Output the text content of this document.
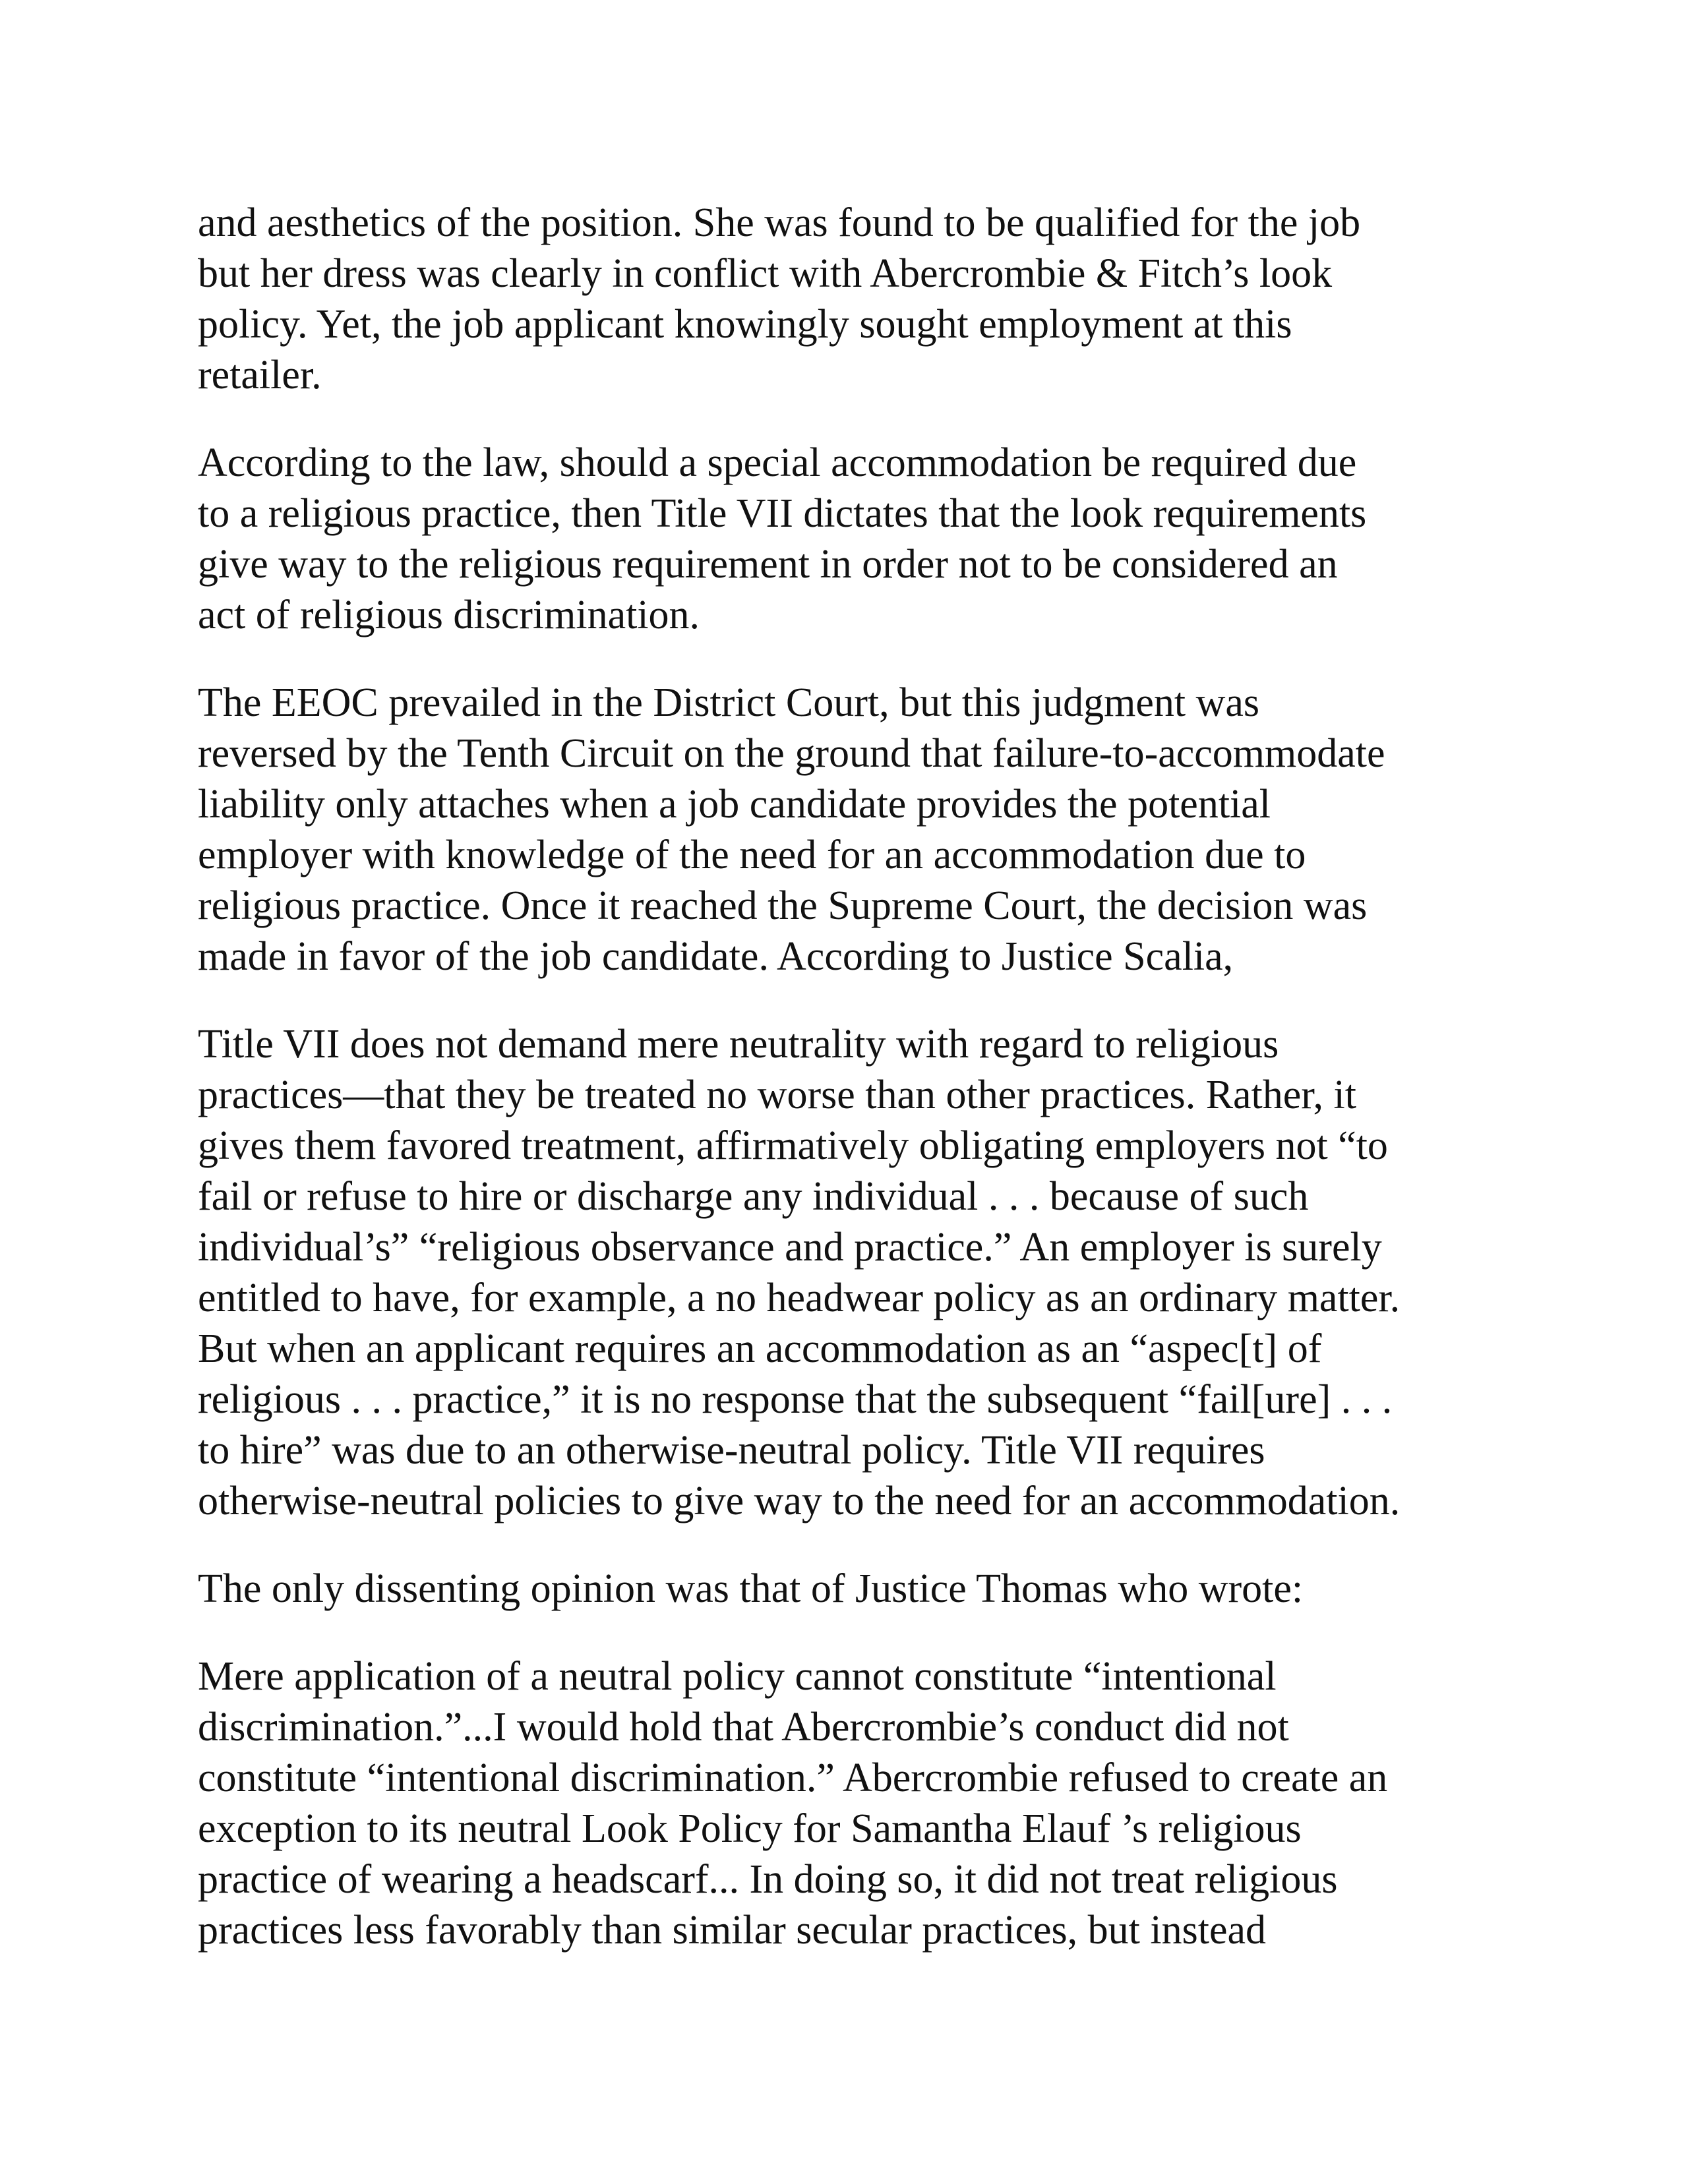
and aesthetics of the position. She was found to be qualified for the job
but her dress was clearly in conflict with Abercrombie & Fitch’s look
policy. Yet, the job applicant knowingly sought employment at this
retailer.

According to the law, should a special accommodation be required due
to a religious practice, then Title VII dictates that the look requirements
give way to the religious requirement in order not to be considered an
act of religious discrimination.

The EEOC prevailed in the District Court, but this judgment was
reversed by the Tenth Circuit on the ground that failure-to-accommodate
liability only attaches when a job candidate provides the potential
employer with knowledge of the need for an accommodation due to
religious practice. Once it reached the Supreme Court, the decision was
made in favor of the job candidate. According to Justice Scalia,

Title VII does not demand mere neutrality with regard to religious
practices—that they be treated no worse than other practices. Rather, it
gives them favored treatment, affirmatively obligating employers not “to
fail or refuse to hire or discharge any individual . . . because of such
individual’s” “religious observance and practice.” An employer is surely
entitled to have, for example, a no headwear policy as an ordinary matter.
But when an applicant requires an accommodation as an “aspec[t] of
religious . . . practice,” it is no response that the subsequent “fail[ure] . . .
to hire” was due to an otherwise-neutral policy. Title VII requires
otherwise-neutral policies to give way to the need for an accommodation.

The only dissenting opinion was that of Justice Thomas who wrote:

Mere application of a neutral policy cannot constitute “intentional
discrimination.”...I would hold that Abercrombie’s conduct did not
constitute “intentional discrimination.” Abercrombie refused to create an
exception to its neutral Look Policy for Samantha Elauf ’s religious
practice of wearing a headscarf... In doing so, it did not treat religious
practices less favorably than similar secular practices, but instead
